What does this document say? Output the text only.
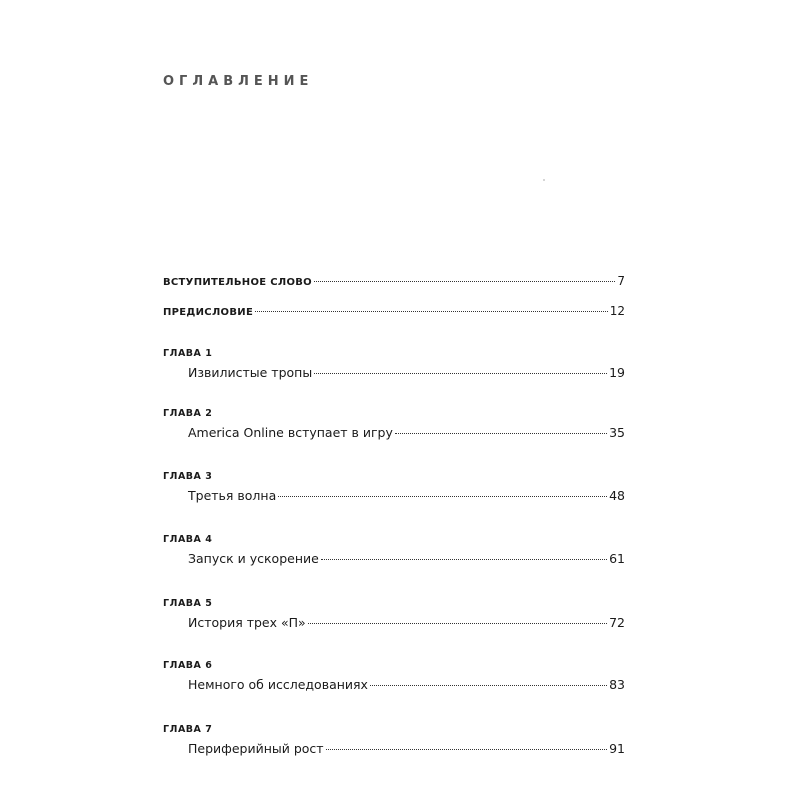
ОГЛАВЛЕНИЕ
ВСТУПИТЕЛЬНОЕ СЛОВО	7
ПРЕДИСЛОВИЕ	12
ГЛАВА 1
Извилистые тропы	19
ГЛАВА 2
America Online вступает в игру	35
ГЛАВА 3
Третья волна	48
ГЛАВА 4
Запуск и ускорение	61
ГЛАВА 5
История трех «П»	72
ГЛАВА 6
Немного об исследованиях	83
ГЛАВА 7
Периферийный рост	91
